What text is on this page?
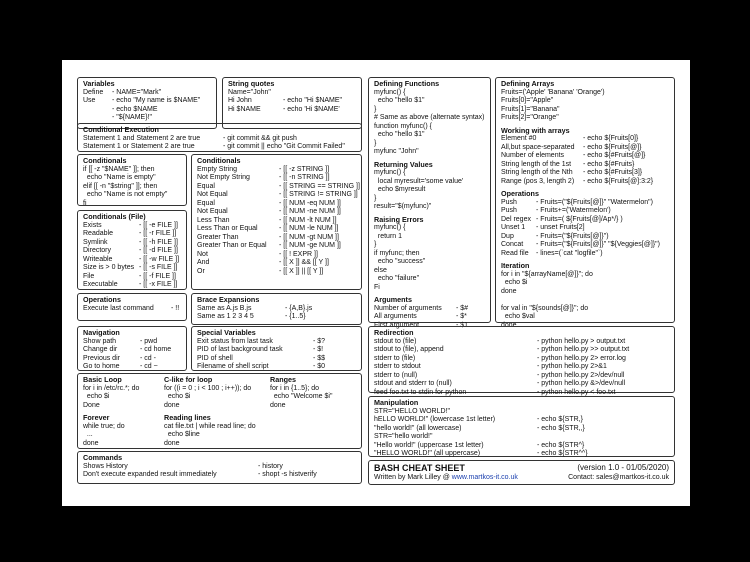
Variables
Define - NAME="Mark"
Use - echo "My name is $NAME"
- echo $NAME
- "${NAME}!"
String quotes
Name="John"
Hi John	- echo "Hi $NAME"
Hi $NAME	- echo 'Hi $NAME'
Conditional Execution
Statement 1 and Statement 2 are true	- git commit && git push
Statement 1 or Statement 2 are true	- git commit || echo "Git Commit Failed"
Conditionals
if [[ -z "$NAME" ]]; then
echo "Name is empty"
elif [[ -n "$string" ]]; then
echo "Name is not empty"
fi
Conditionals (File)
Exists	- [[ -e FILE ]]
Readable	- [[ -r FILE ]]
Symlink	- [[ -h FILE ]]
Directory	- [[ -d FILE ]]
Writeable	- [[ -w FILE ]]
Size is > 0 bytes - [[ -s FILE ]]
File	- [[ -f FILE ]]
Executable	- [[ -x FILE ]]
Conditionals
Empty String	- [[ -z STRING ]]
Not Empty String	- [[ -n STRING ]]
Equal	- [[ STRING == STRING ]]
Not Equal	- [[ STRING != STRING ]]
Equal	- [[ NUM -eq NUM ]]
Not Equal	- [[ NUM -ne NUM ]]
Less Than	- [[ NUM -lt NUM ]]
Less Than or Equal	- [[ NUM -le NUM ]]
Greater Than	- [[ NUM -gt NUM ]]
Greater Than or Equal - [[ NUM -ge NUM ]]
Not	- [[ ! EXPR ]]
And	- [[ X ]] && [[ Y ]]
Or	- [[ X ]] || [[ Y ]]
Operations
Execute last command - !!
Brace Expansions
Same as A.js B.js	- {A,B}.js
Same as 1 2 3 4 5	- {1..5}
Navigation
Show path	- pwd
Change dir	- cd home
Previous dir	- cd -
Go to home	- cd ~
Special Variables
Exit status from last task	- $?
PID of last background task	- $!
PID of shell	- $$
Filename of shell script	- $0
Basic Loop
for i in /etc/rc.*; do
echo $i
Done
C-like for loop
for ((i = 0 ; i < 100 ; i++)); do
echo $i
done
Ranges
for i in {1..5}; do
echo "Welcome $i"
done
Forever
while true; do
...
done
Reading lines
cat file.txt | while read line; do
echo $line
done
Commands
Shows History	- history
Don't execute expanded result immediately	- shopt -s histverify
Defining Functions
myfunc() {
echo "hello $1"
}
# Same as above (alternate syntax)
function myfunc() {
echo "hello $1"
}
myfunc "John"
Returning Values
myfunc() {
local myresult='some value'
echo $myresult
}
result="$(myfunc)"
Raising Errors
myfunc() {
return 1
}
if myfunc; then
echo "success"
else
echo "failure"
Fi
Arguments
Number of arguments - $#
All arguments	- $*
First argument	- $1
Defining Arrays
Fruits=('Apple' 'Banana' 'Orange')
Fruits[0]="Apple"
Fruits[1]="Banana"
Fruits[2]="Orange"
Working with arrays
Element #0	- echo ${Fruits[0]}
All,but space-separated - echo ${Fruits[@]}
Number of elements	- echo ${#Fruits[@]}
String length of the 1st - echo ${#Fruits}
String length of the Nth - echo ${#Fruits[3]}
Range (pos 3, length 2) - echo ${Fruits[@]:3:2}
Operations
Push	- Fruits=("${Fruits[@]}" "Watermelon")
Push	- Fruits+=('Watermelon')
Del regex - Fruits=( ${Fruits[@]/Ap*/} )
Unset 1 - unset Fruits[2]
Dup	- Fruits=("${Fruits[@]}")
Concat - Fruits=("${Fruits[@]}" "${Veggies[@]}")
Read file - lines=(`cat "logfile"`)
Iteration
for i in "${arrayName[@]}"; do
echo $i
done
for val in "${sounds[@]}"; do
echo $val
done
Redirection
stdout to (file)	- python hello.py > output.txt
stdout to (file), append	- python hello.py >> output.txt
stderr to (file)	- python hello.py 2> error.log
stderr to stdout	- python hello.py 2>&1
stderr to (null)	- python hello.py 2>/dev/null
stdout and stderr to (null)	- python hello.py &>/dev/null
feed foo.txt to stdin for python	- python hello.py < foo.txt
Manipulation
STR="HELLO WORLD!"
hELLO WORLD!" (lowercase 1st letter)	- echo ${STR,}
"hello world!" (all lowercase)	- echo ${STR,,}
STR="hello world!"
"Hello world!" (uppercase 1st letter)	- echo ${STR^}
"HELLO WORLD!" (all uppercase)	- echo ${STR^^}

BASH CHEAT SHEET

	(version 1.0 - 01/05/2020)

Written by Mark Lilley @ www.martkos-it.co.uk

	Contact: sales@martkos-it.co.uk
